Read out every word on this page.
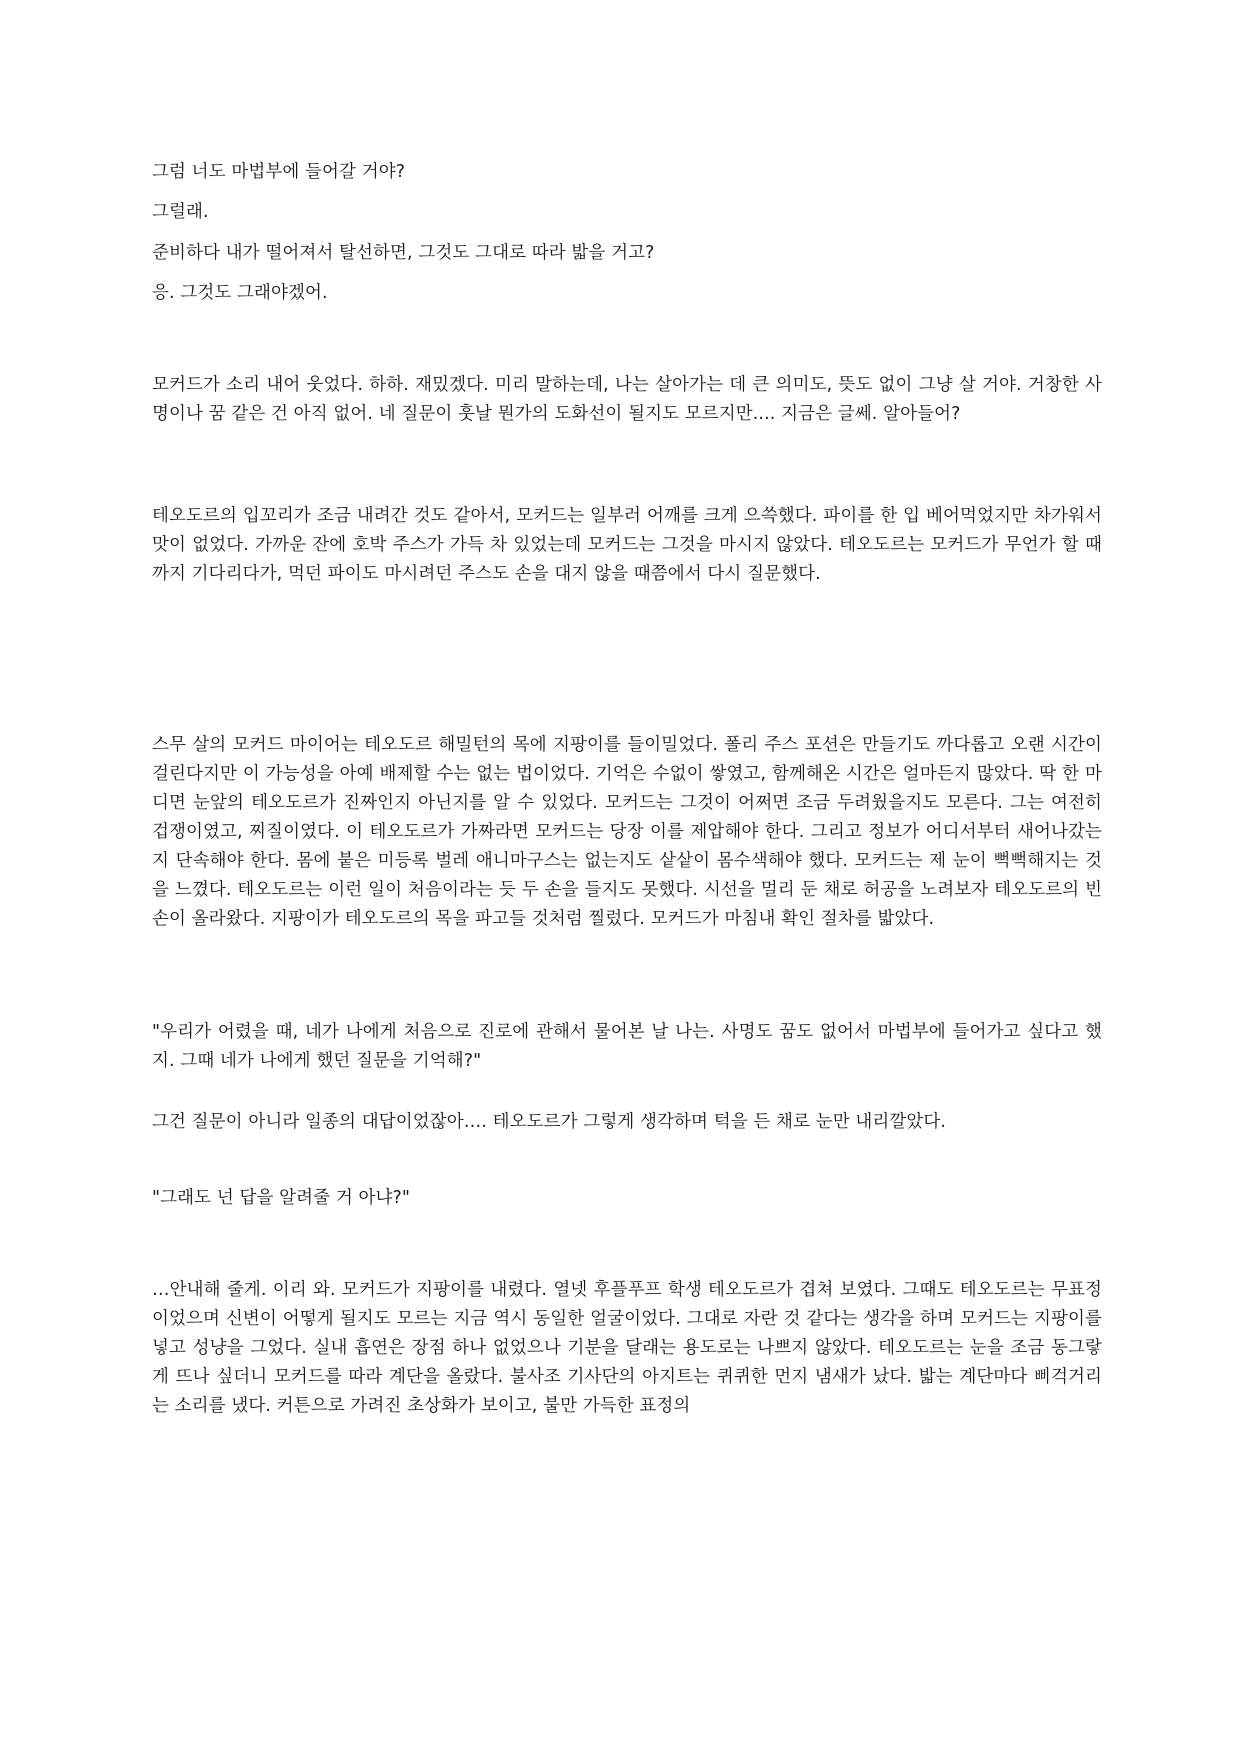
그럼 너도 마법부에 들어갈 거야?

그럴래.

준비하다 내가 떨어져서 탈선하면, 그것도 그대로 따라 밟을 거고?

응. 그것도 그래야겠어.

모커드가 소리 내어 웃었다. 하하. 재밌겠다. 미리 말하는데, 나는 살아가는 데 큰 의미도, 뜻도 없이 그냥 살 거야. 거창한 사명이나 꿈 같은 건 아직 없어. 네 질문이 훗날 뭔가의 도화선이 될지도 모르지만.... 지금은 글쎄. 알아들어?

테오도르의 입꼬리가 조금 내려간 것도 같아서, 모커드는 일부러 어깨를 크게 으쓱했다. 파이를 한 입 베어먹었지만 차가워서 맛이 없었다. 가까운 잔에 호박 주스가 가득 차 있었는데 모커드는 그것을 마시지 않았다. 테오도르는 모커드가 무언가 할 때까지 기다리다가, 먹던 파이도 마시려던 주스도 손을 대지 않을 때쯤에서 다시 질문했다.

스무 살의 모커드 마이어는 테오도르 해밀턴의 목에 지팡이를 들이밀었다. 폴리 주스 포션은 만들기도 까다롭고 오랜 시간이 걸린다지만 이 가능성을 아예 배제할 수는 없는 법이었다. 기억은 수없이 쌓였고, 함께해온 시간은 얼마든지 많았다. 딱 한 마디면 눈앞의 테오도르가 진짜인지 아닌지를 알 수 있었다. 모커드는 그것이 어쩌면 조금 두려웠을지도 모른다. 그는 여전히 겁쟁이였고, 찌질이였다. 이 테오도르가 가짜라면 모커드는 당장 이를 제압해야 한다. 그리고 정보가 어디서부터 새어나갔는지 단속해야 한다. 몸에 붙은 미등록 벌레 애니마구스는 없는지도 샅샅이 몸수색해야 했다. 모커드는 제 눈이 뻑뻑해지는 것을 느꼈다. 테오도르는 이런 일이 처음이라는 듯 두 손을 들지도 못했다. 시선을 멀리 둔 채로 허공을 노려보자 테오도르의 빈손이 올라왔다. 지팡이가 테오도르의 목을 파고들 것처럼 찔렀다. 모커드가 마침내 확인 절차를 밟았다.

"우리가 어렸을 때, 네가 나에게 처음으로 진로에 관해서 물어본 날 나는. 사명도 꿈도 없어서 마법부에 들어가고 싶다고 했지. 그때 네가 나에게 했던 질문을 기억해?"

그건 질문이 아니라 일종의 대답이었잖아…. 테오도르가 그렇게 생각하며 턱을 든 채로 눈만 내리깔았다.

"그래도 넌 답을 알려줄 거 아냐?"

…안내해 줄게. 이리 와. 모커드가 지팡이를 내렸다. 열넷 후플푸프 학생 테오도르가 겹쳐 보였다. 그때도 테오도르는 무표정이었으며 신변이 어떻게 될지도 모르는 지금 역시 동일한 얼굴이었다. 그대로 자란 것 같다는 생각을 하며 모커드는 지팡이를 넣고 성냥을 그었다. 실내 흡연은 장점 하나 없었으나 기분을 달래는 용도로는 나쁘지 않았다. 테오도르는 눈을 조금 동그랗게 뜨나 싶더니 모커드를 따라 계단을 올랐다. 불사조 기사단의 아지트는 퀴퀴한 먼지 냄새가 났다. 밟는 계단마다 삐걱거리는 소리를 냈다. 커튼으로 가려진 초상화가 보이고, 불만 가득한 표정의
